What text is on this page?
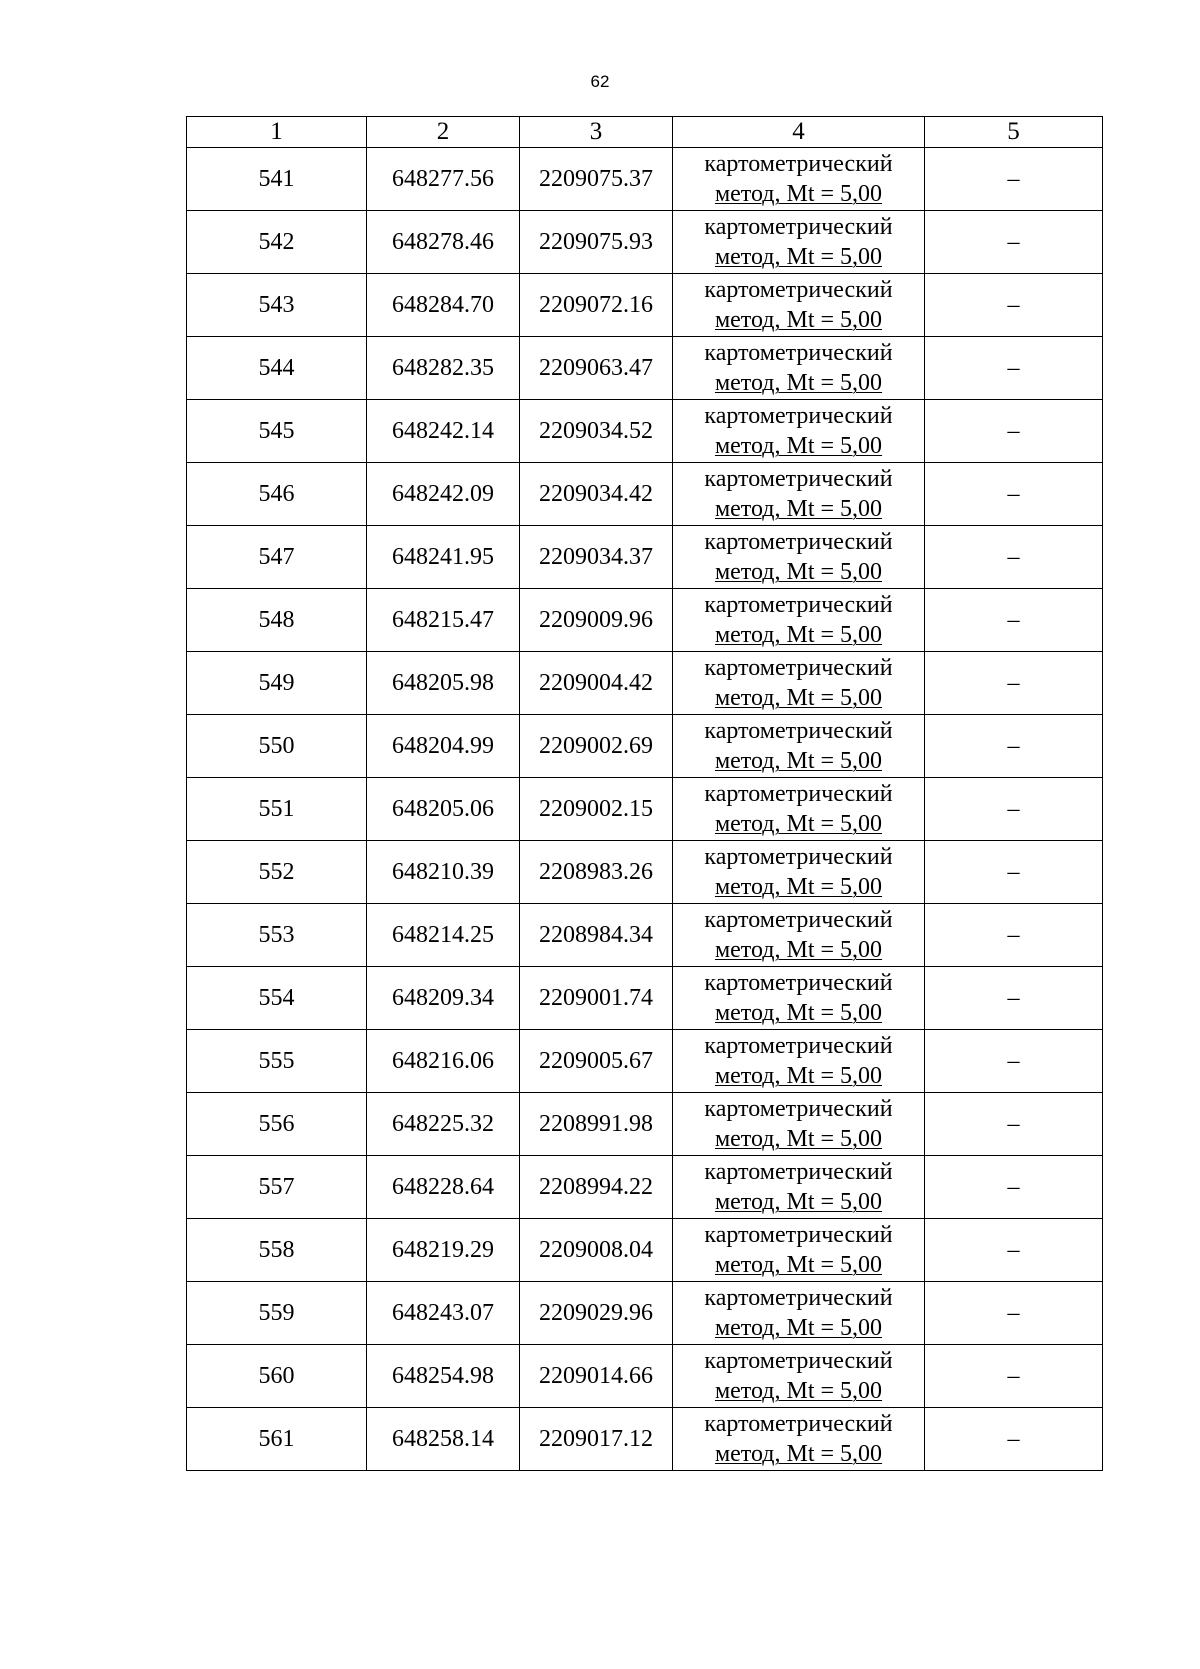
62
1	2	3	4	5
541	648277.56	2209075.37	картометрический
метод, Mt = 5,00	–
542	648278.46	2209075.93	картометрический
метод, Mt = 5,00	–
543	648284.70	2209072.16	картометрический
метод, Mt = 5,00	–
544	648282.35	2209063.47	картометрический
метод, Mt = 5,00	–
545	648242.14	2209034.52	картометрический
метод, Mt = 5,00	–
546	648242.09	2209034.42	картометрический
метод, Mt = 5,00	–
547	648241.95	2209034.37	картометрический
метод, Mt = 5,00	–
548	648215.47	2209009.96	картометрический
метод, Mt = 5,00	–
549	648205.98	2209004.42	картометрический
метод, Mt = 5,00	–
550	648204.99	2209002.69	картометрический
метод, Mt = 5,00	–
551	648205.06	2209002.15	картометрический
метод, Mt = 5,00	–
552	648210.39	2208983.26	картометрический
метод, Mt = 5,00	–
553	648214.25	2208984.34	картометрический
метод, Mt = 5,00	–
554	648209.34	2209001.74	картометрический
метод, Mt = 5,00	–
555	648216.06	2209005.67	картометрический
метод, Mt = 5,00	–
556	648225.32	2208991.98	картометрический
метод, Mt = 5,00	–
557	648228.64	2208994.22	картометрический
метод, Mt = 5,00	–
558	648219.29	2209008.04	картометрический
метод, Mt = 5,00	–
559	648243.07	2209029.96	картометрический
метод, Mt = 5,00	–
560	648254.98	2209014.66	картометрический
метод, Mt = 5,00	–
561	648258.14	2209017.12	картометрический
метод, Mt = 5,00	–
